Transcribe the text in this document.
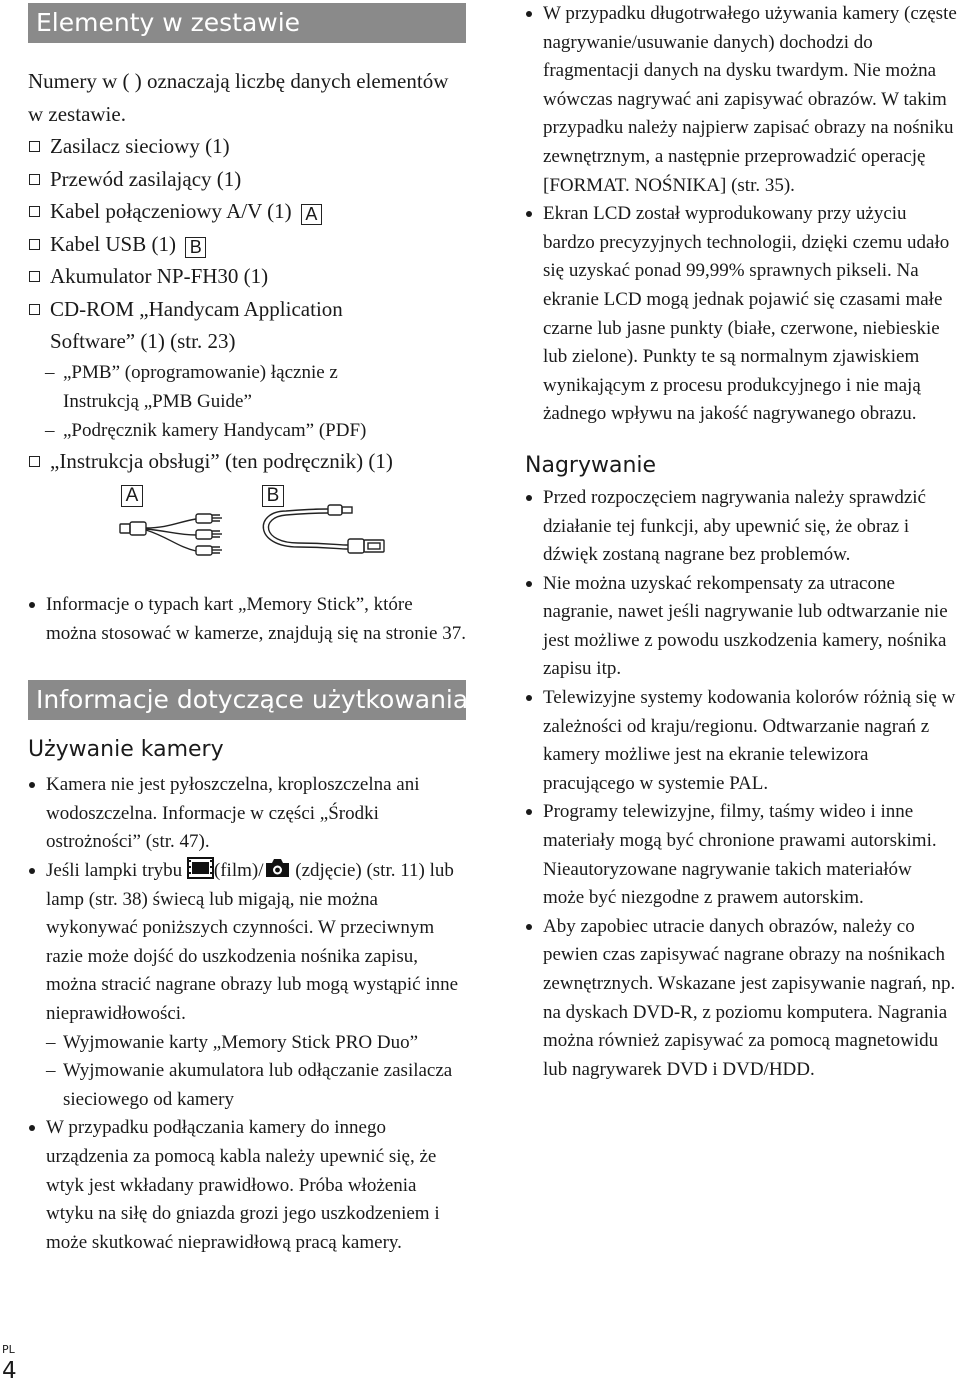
Elementy w zestawie
Numery w ( ) oznaczają liczbę danych elementów w zestawie.
Zasilacz sieciowy (1)
Przewód zasilający (1)
Kabel połączeniowy A/V (1) A
Kabel USB (1) B
Akumulator NP-FH30 (1)
CD-ROM „Handycam Application
Software” (1) (str. 23)
– „PMB” (oprogramowanie) łącznie z
Instrukcją „PMB Guide”
– „Podręcznik kamery Handycam” (PDF)
„Instrukcja obsługi” (ten podręcznik) (1)
A	B
Informacje o typach kart „Memory Stick”, które można stosować w kamerze, znajdują się na stronie 37.
Informacje dotyczące użytkowania
Używanie kamery
Kamera nie jest pyłoszczelna, kroploszczelna ani wodoszczelna. Informacje w części „Środki ostrożności” (str. 47).
Jeśli lampki trybu (film)/ (zdjęcie) (str. 11) lub lamp (str. 38) świecą lub migają, nie można wykonywać poniższych czynności. W przeciwnym razie może dojść do uszkodzenia nośnika zapisu, można stracić nagrane obrazy lub mogą wystąpić inne nieprawidłowości.
– Wyjmowanie karty „Memory Stick PRO Duo”
– Wyjmowanie akumulatora lub odłączanie zasilacza sieciowego od kamery
W przypadku podłączania kamery do innego urządzenia za pomocą kabla należy upewnić się, że wtyk jest wkładany prawidłowo. Próba włożenia wtyku na siłę do gniazda grozi jego uszkodzeniem i może skutkować nieprawidłową pracą kamery.
W przypadku długotrwałego używania kamery (częste nagrywanie/usuwanie danych) dochodzi do fragmentacji danych na dysku twardym. Nie można wówczas nagrywać ani zapisywać obrazów. W takim przypadku należy najpierw zapisać obrazy na nośniku zewnętrznym, a następnie przeprowadzić operację [FORMAT. NOŚNIKA] (str. 35).
Ekran LCD został wyprodukowany przy użyciu bardzo precyzyjnych technologii, dzięki czemu udało się uzyskać ponad 99,99% sprawnych pikseli. Na ekranie LCD mogą jednak pojawić się czasami małe czarne lub jasne punkty (białe, czerwone, niebieskie lub zielone). Punkty te są normalnym zjawiskiem wynikającym z procesu produkcyjnego i nie mają żadnego wpływu na jakość nagrywanego obrazu.
Nagrywanie
Przed rozpoczęciem nagrywania należy sprawdzić działanie tej funkcji, aby upewnić się, że obraz i dźwięk zostaną nagrane bez problemów.
Nie można uzyskać rekompensaty za utracone nagranie, nawet jeśli nagrywanie lub odtwarzanie nie jest możliwe z powodu uszkodzenia kamery, nośnika zapisu itp.
Telewizyjne systemy kodowania kolorów różnią się w zależności od kraju/regionu. Odtwarzanie nagrań z kamery możliwe jest na ekranie telewizora pracującego w systemie PAL.
Programy telewizyjne, filmy, taśmy wideo i inne materiały mogą być chronione prawami autorskimi. Nieautoryzowane nagrywanie takich materiałów może być niezgodne z prawem autorskim.
Aby zapobiec utracie danych obrazów, należy co pewien czas zapisywać nagrane obrazy na nośnikach zewnętrznych. Wskazane jest zapisywanie nagrań, np. na dyskach DVD-R, z poziomu komputera. Nagrania można również zapisywać za pomocą magnetowidu lub nagrywarek DVD i DVD/HDD.
PL
4
